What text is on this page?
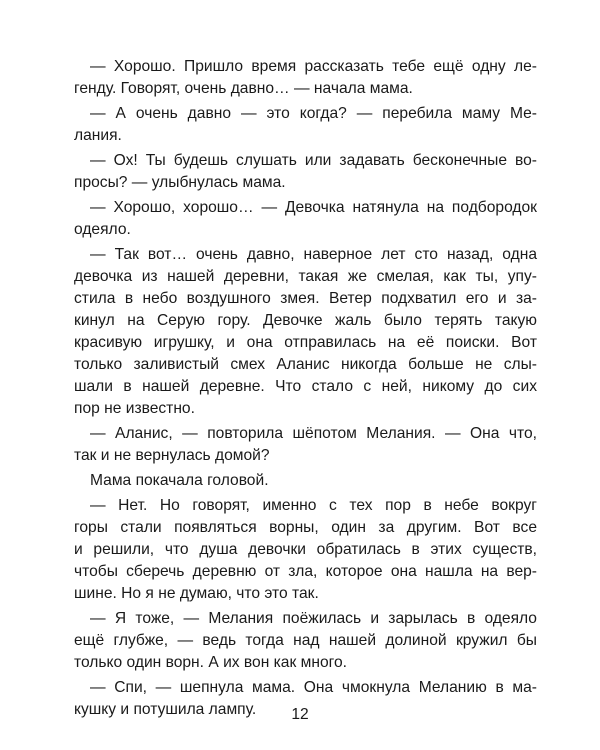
— Хорошо. Пришло время рассказать тебе ещё одну ле-
генду. Говорят, очень давно… — начала мама.
— А очень давно — это когда? — перебила маму Ме-
лания.
— Ох! Ты будешь слушать или задавать бесконечные во-
просы? — улыбнулась мама.
— Хорошо, хорошо… — Девочка натянула на подбородок
одеяло.
— Так вот… очень давно, наверное лет сто назад, одна
девочка из нашей деревни, такая же смелая, как ты, упу-
стила в небо воздушного змея. Ветер подхватил его и за-
кинул на Серую гору. Девочке жаль было терять такую
красивую игрушку, и она отправилась на её поиски. Вот
только заливистый смех Аланис никогда больше не слы-
шали в нашей деревне. Что стало с ней, никому до сих
пор не известно.
— Аланис, — повторила шёпотом Мелания. — Она что,
так и не вернулась домой?
Мама покачала головой.
— Нет. Но говорят, именно с тех пор в небе вокруг
горы стали появляться ворны, один за другим. Вот все
и решили, что душа девочки обратилась в этих существ,
чтобы сберечь деревню от зла, которое она нашла на вер-
шине. Но я не думаю, что это так.
— Я тоже, — Мелания поёжилась и зарылась в одеяло
ещё глубже, — ведь тогда над нашей долиной кружил бы
только один ворн. А их вон как много.
— Спи, — шепнула мама. Она чмокнула Меланию в ма-
кушку и потушила лампу.	12
